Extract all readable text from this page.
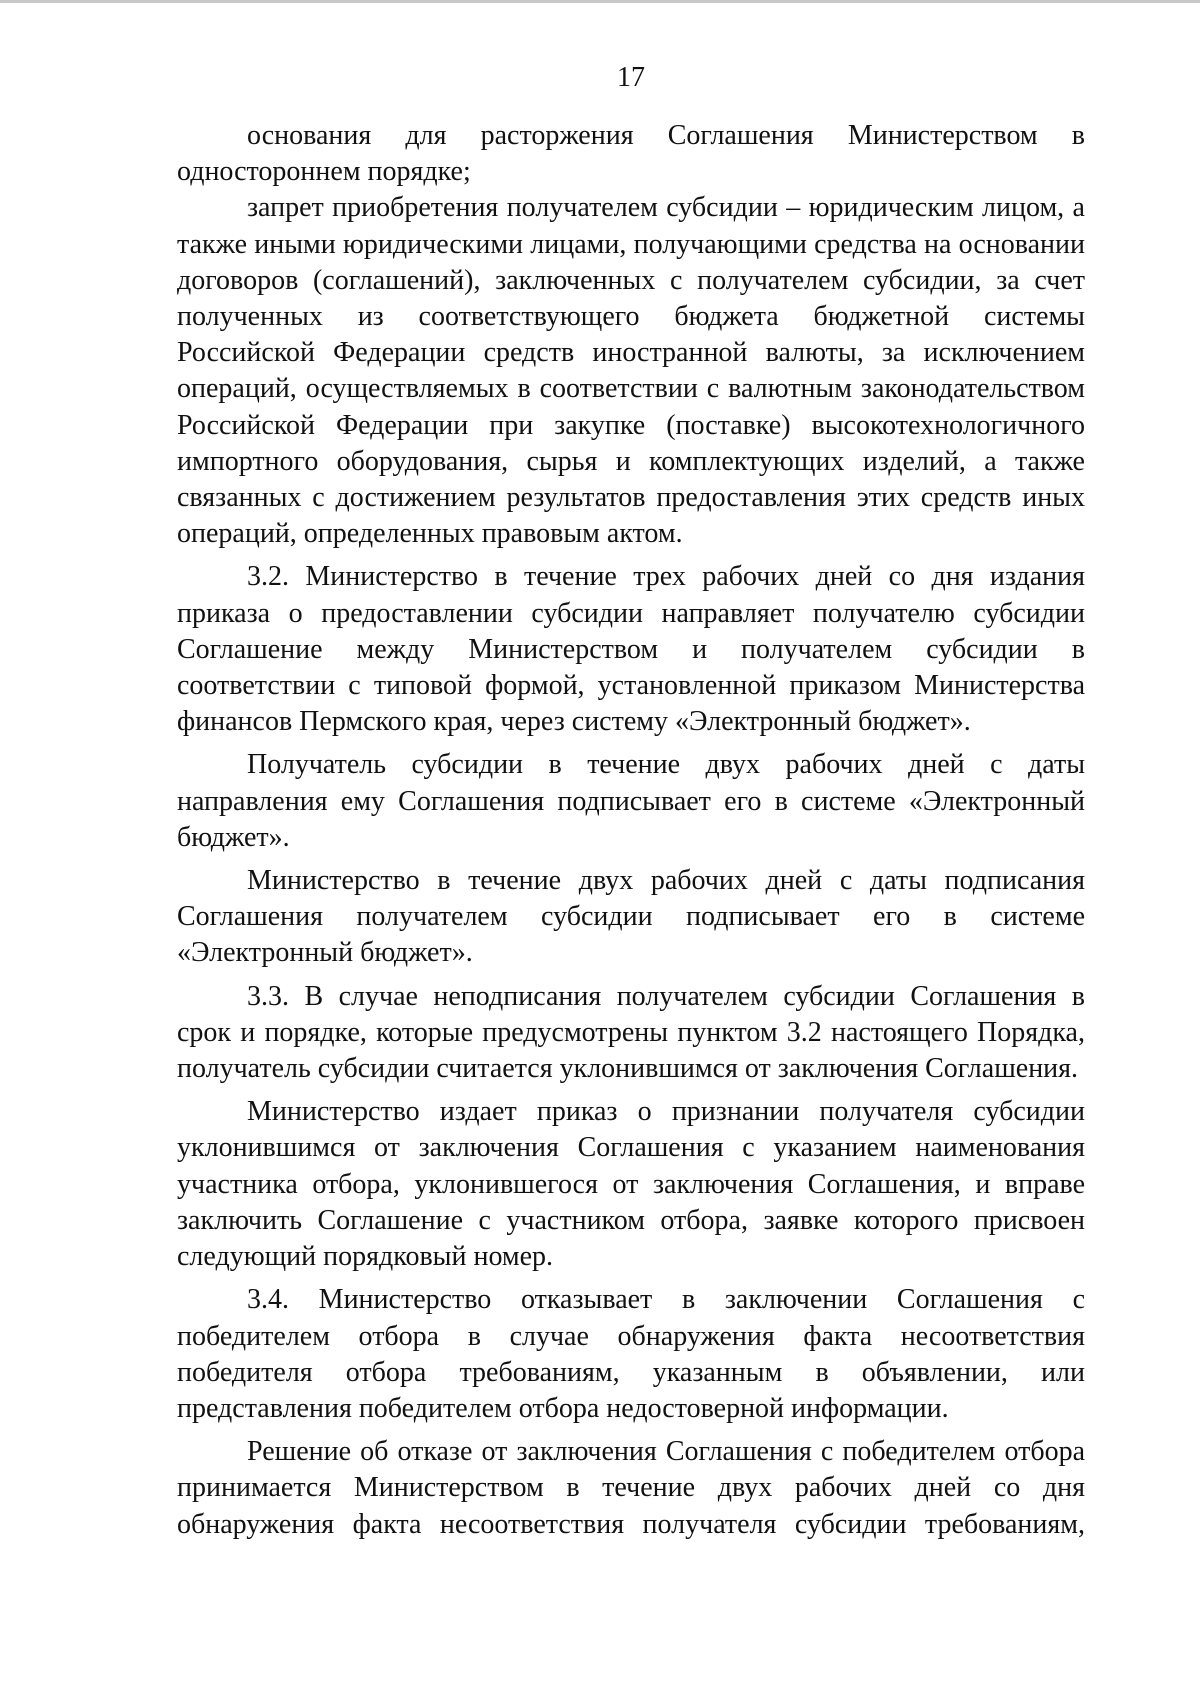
17

основания для расторжения Соглашения Министерством в одностороннем порядке;

запрет приобретения получателем субсидии – юридическим лицом, а также иными юридическими лицами, получающими средства на основании договоров (соглашений), заключенных с получателем субсидии, за счет полученных из соответствующего бюджета бюджетной системы Российской Федерации средств иностранной валюты, за исключением операций, осуществляемых в соответствии с валютным законодательством Российской Федерации при закупке (поставке) высокотехнологичного импортного оборудования, сырья и комплектующих изделий, а также связанных с достижением результатов предоставления этих средств иных операций, определенных правовым актом.

3.2. Министерство в течение трех рабочих дней со дня издания приказа о предоставлении субсидии направляет получателю субсидии Соглашение между Министерством и получателем субсидии в соответствии с типовой формой, установленной приказом Министерства финансов Пермского края, через систему «Электронный бюджет».

Получатель субсидии в течение двух рабочих дней с даты направления ему Соглашения подписывает его в системе «Электронный бюджет».

Министерство в течение двух рабочих дней с даты подписания Соглашения получателем субсидии подписывает его в системе «Электронный бюджет».

3.3. В случае неподписания получателем субсидии Соглашения в срок и порядке, которые предусмотрены пунктом 3.2 настоящего Порядка, получатель субсидии считается уклонившимся от заключения Соглашения.

Министерство издает приказ о признании получателя субсидии уклонившимся от заключения Соглашения с указанием наименования участника отбора, уклонившегося от заключения Соглашения, и вправе заключить Соглашение с участником отбора, заявке которого присвоен следующий порядковый номер.

3.4. Министерство отказывает в заключении Соглашения с победителем отбора в случае обнаружения факта несоответствия победителя отбора требованиям, указанным в объявлении, или представления победителем отбора недостоверной информации.

Решение об отказе от заключения Соглашения с победителем отбора принимается Министерством в течение двух рабочих дней со дня обнаружения факта несоответствия получателя субсидии требованиям,
